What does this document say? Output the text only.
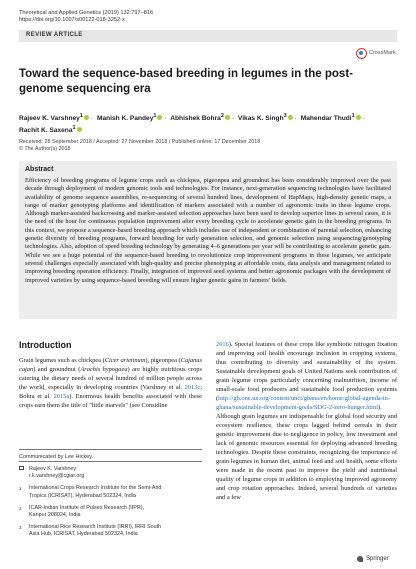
Theoretical and Applied Genetics (2019) 132:797–816
https://doi.org/10.1007/s00122-018-3252-x
REVIEW ARTICLE
CrossMark
Toward the sequence-based breeding in legumes in the post-genome sequencing era
Rajeev K. Varshney$^1$ · Manish K. Pandey$^1$ · Abhishek Bohra$^2$ · Vikas K. Singh$^3$ · Mahendar Thudi$^1$ ·
Rachit K. Saxena$^1$
Received: 28 September 2018 / Accepted: 27 November 2018 / Published online: 17 December 2018
© The Author(s) 2018
Abstract

Efficiency of breeding programs of legume crops such as chickpea, pigeonpea and groundnut has been considerably improved over the past decade through deployment of modern genomic tools and technologies. For instance, next-generation sequencing technologies have facilitated availability of genome sequence assemblies, re-sequencing of several hundred lines, development of HapMaps, high-density genetic maps, a range of marker genotyping platforms and identification of markers associated with a number of agronomic traits in these legume crops. Although marker-assisted backcrossing and marker-assisted selection approaches have been used to develop superior lines in several cases, it is the need of the hour for continuous population improvement after every breeding cycle to accelerate genetic gain in the breeding programs. In this context, we propose a sequence-based breeding approach which includes use of independent or combination of parental selection, enhancing genetic diversity of breeding programs, forward breeding for early generation selection, and genomic selection using sequencing/genotyping technologies. Also, adoption of speed breeding technology by generating 4–6 generations per year will be contributing to accelerate genetic gain. While we see a huge potential of the sequence-based breeding to revolutionize crop improvement programs in these legumes, we anticipate several challenges especially associated with high-quality and precise phenotyping at affordable costs, data analysis and management related to improving breeding operation efficiency. Finally, integration of improved seed systems and better agronomic packages with the development of improved varieties by using sequence-based breeding will ensure higher genetic gains in farmers' fields.

Introduction

Grain legumes such as chickpea (Cicer arietinum), pigeonpea (Cajanus cajan) and groundnut (Arachis hypogaea) are highly nutritious crops catering the dietary needs of several hundred of million people across the world, especially in developing countries (Varshney et al. 2013c; Bohra et al. 2015a). Enormous health benefits associated with these crops earn them the title of "little marvels" (see Considine

Communicated by Lee Hickey.
Rajeev K. Varshney
r.k.varshney@cgiar.org
$^1$	International Crops Research Institute for the Semi-Arid
Tropics (ICRISAT), Hyderabad 502324, India
$^2$	ICAR-Indian Institute of Pulses Research (IIPR),
Kanpur 208024, India
$^3$	International Rice Research Institute (IRRI), IRRI South
Asia Hub, ICRISAT, Hyderabad 502324, India

2016). Special features of these crops like symbiotic nitrogen fixation and improving soil health encourage inclusion in cropping systems, thus contributing to diversity and sustainability of the system. Sustainable development goals of United Nations seek contribution of grain legume crops particularly concerning malnutrition, income of small-scale food producers and sustainable food production systems (http://gh.one.un.org/content/unct/ghana/en/home/global-agenda-in-ghana/sustainable-development-goals/SDG-2-zero-hunger.html). Although grain legumes are indispensable for global food security and ecosystem resilience, these crops lagged behind cereals in their genetic improvement due to negligence in policy, low investment and lack of genomic resources essential for deploying advanced breeding technologies. Despite these constraints, recognizing the importance of grain legumes in human diet, animal feed and soil health, some efforts were made in the recent past to improve the yield and nutritional quality of legume crops in addition to employing improved agronomy and crop rotation approaches. Indeed, several hundreds of varieties and a few

Springer
